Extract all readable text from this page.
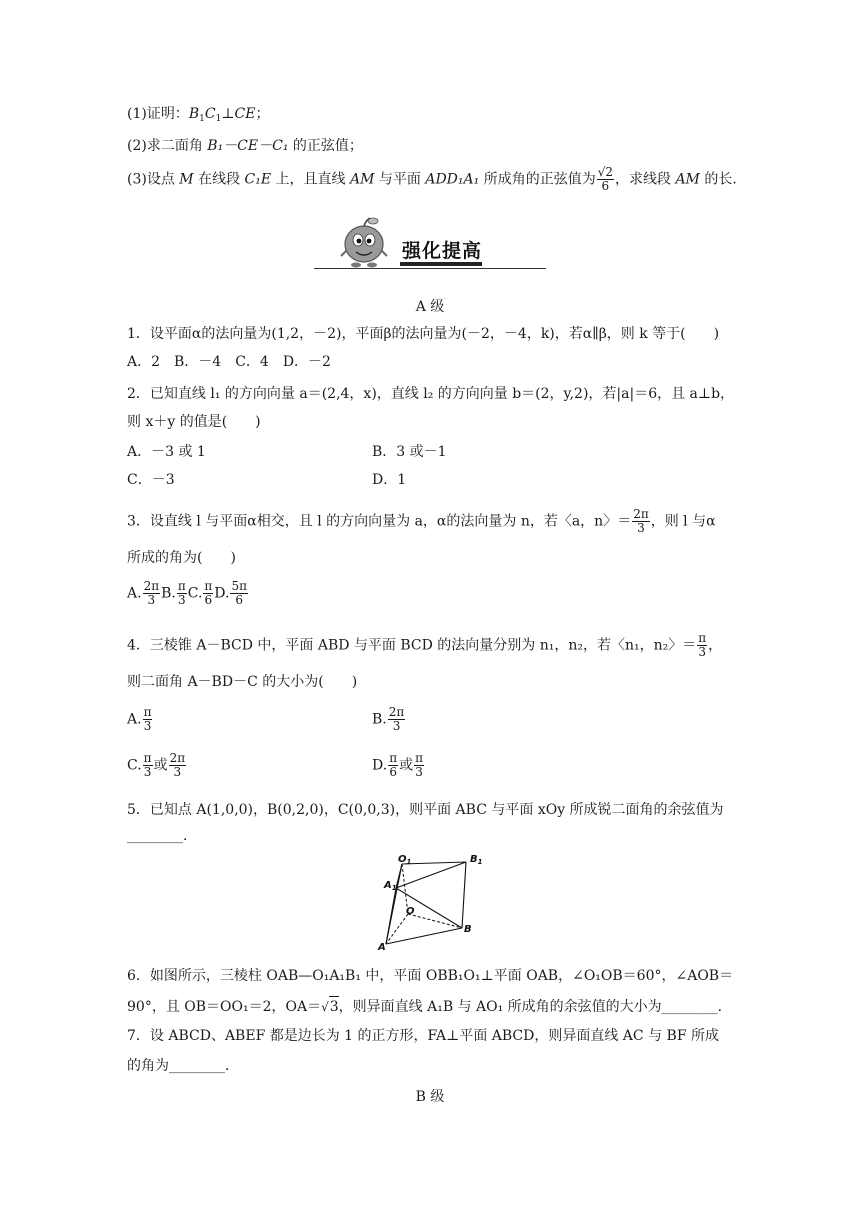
(1)证明：$B_1C_1\perp CE$；
(2)求二面角 B₁－CE－C₁ 的正弦值；
(3)设点 M 在线段 C₁E 上，且直线 AM 与平面 ADD₁A₁ 所成角的正弦值为 $\frac{√2}{6}$ ，求线段 AM 的长．
强化提高
A 级
1．设平面α的法向量为(1,2，－2)，平面β的法向量为(－2，－4，k)，若α∥β，则 k 等于(　　)
A．2　B．－4　C．4　D．－2
2．已知直线 l₁ 的方向向量 a＝(2,4，x)，直线 l₂ 的方向向量 b＝(2，y,2)，若|a|＝6，且 a⊥b，
则 x＋y 的值是(　　)
A．－3 或 1	B．3 或－1
C．－3	D．1
3．设直线 l 与平面α相交，且 l 的方向向量为 a，α的法向量为 n，若〈a，n〉＝ $\frac{2\pi}{3}$ ，则 l 与α
所成的角为(　　)
A. $\frac{2\pi}{3} B$. $\frac{\pi}{3} C$. $\frac{\pi}{6} D$. $\frac{5\pi}{6}$
4．三棱锥 A－BCD 中，平面 ABD 与平面 BCD 的法向量分别为 n₁，n₂，若〈n₁，n₂〉＝ $\frac{\pi}{3}$ ，
则二面角 A－BD－C 的大小为(　　)
A. $\frac{\pi}{3}$	B. $\frac{2\pi}{3}$
C. $\frac{\pi}{3}$ 或 $\frac{2\pi}{3}$	D. $\frac{\pi}{6}$ 或 $\frac{\pi}{3}$
5．已知点 A(1,0,0)，B(0,2,0)，C(0,0,3)，则平面 ABC 与平面 xOy 所成锐二面角的余弦值为
________．
$O_1$	$B_1$
$A_1$
O
B
A
6．如图所示，三棱柱 OAB—O₁A₁B₁ 中，平面 OBB₁O₁⊥平面 OAB，∠O₁OB＝60°，∠AOB＝
90°，且 OB＝OO₁＝2，OA＝√3，则异面直线 A₁B 与 AO₁ 所成角的余弦值的大小为________．
7．设 ABCD、ABEF 都是边长为 1 的正方形，FA⊥平面 ABCD，则异面直线 AC 与 BF 所成
的角为________．
B 级
